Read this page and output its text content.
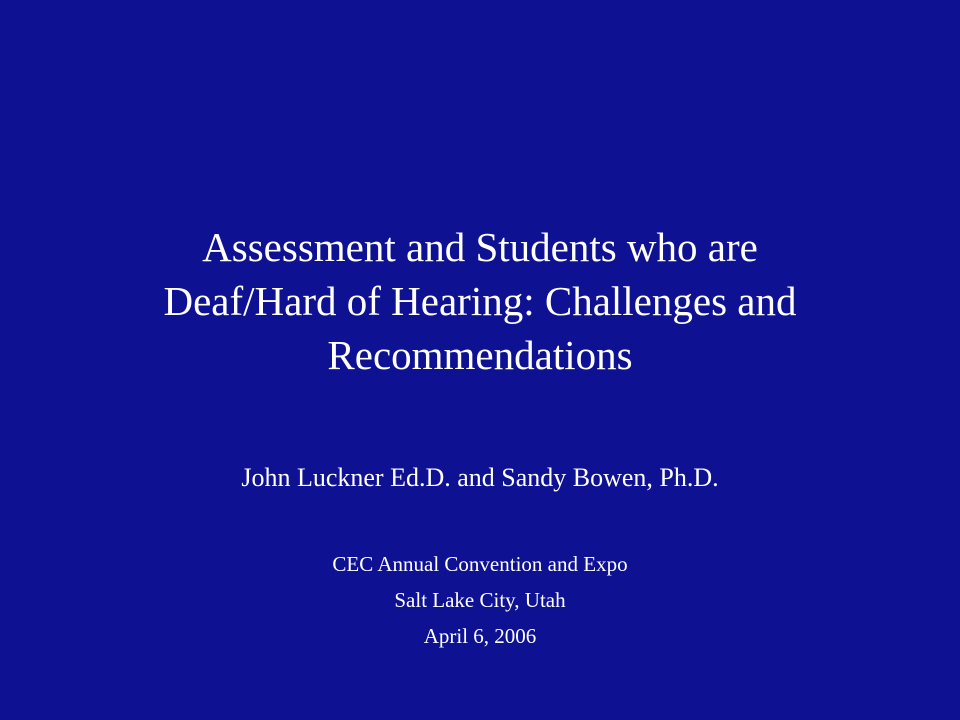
Assessment and Students who are
Deaf/Hard of Hearing: Challenges and
Recommendations
John Luckner Ed.D. and Sandy Bowen, Ph.D.
CEC Annual Convention and Expo
Salt Lake City, Utah
April 6, 2006
